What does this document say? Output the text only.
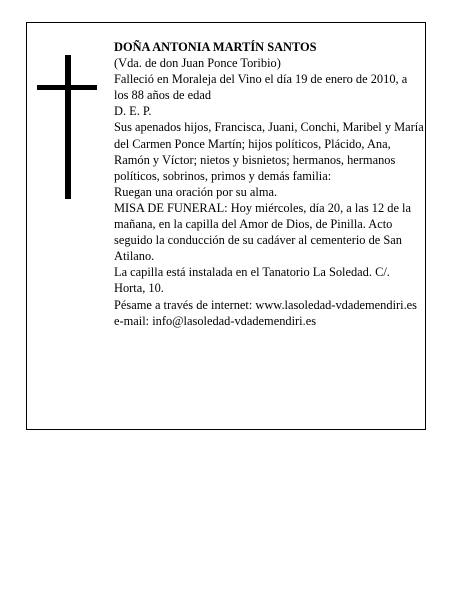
DOÑA ANTONIA MARTÍN SANTOS

(Vda. de don Juan Ponce Toribio)

Falleció en Moraleja del Vino el día 19 de enero de 2010, a los 88 años de edad

D. E. P.

Sus apenados hijos, Francisca, Juani, Conchi, Maribel y María del Carmen Ponce Martín; hijos políticos, Plácido, Ana, Ramón y Víctor; nietos y bisnietos; hermanos, hermanos políticos, sobrinos, primos y demás familia:

Ruegan una oración por su alma.

MISA DE FUNERAL: Hoy miércoles, día 20, a las 12 de la mañana, en la capilla del Amor de Dios, de Pinilla. Acto seguido la conducción de su cadáver al cementerio de San Atilano.

La capilla está instalada en el Tanatorio La Soledad. C/. Horta, 10.

Pésame a través de internet: www.lasoledad-vdademendiri.es e-mail: info@lasoledad-vdademendiri.es
